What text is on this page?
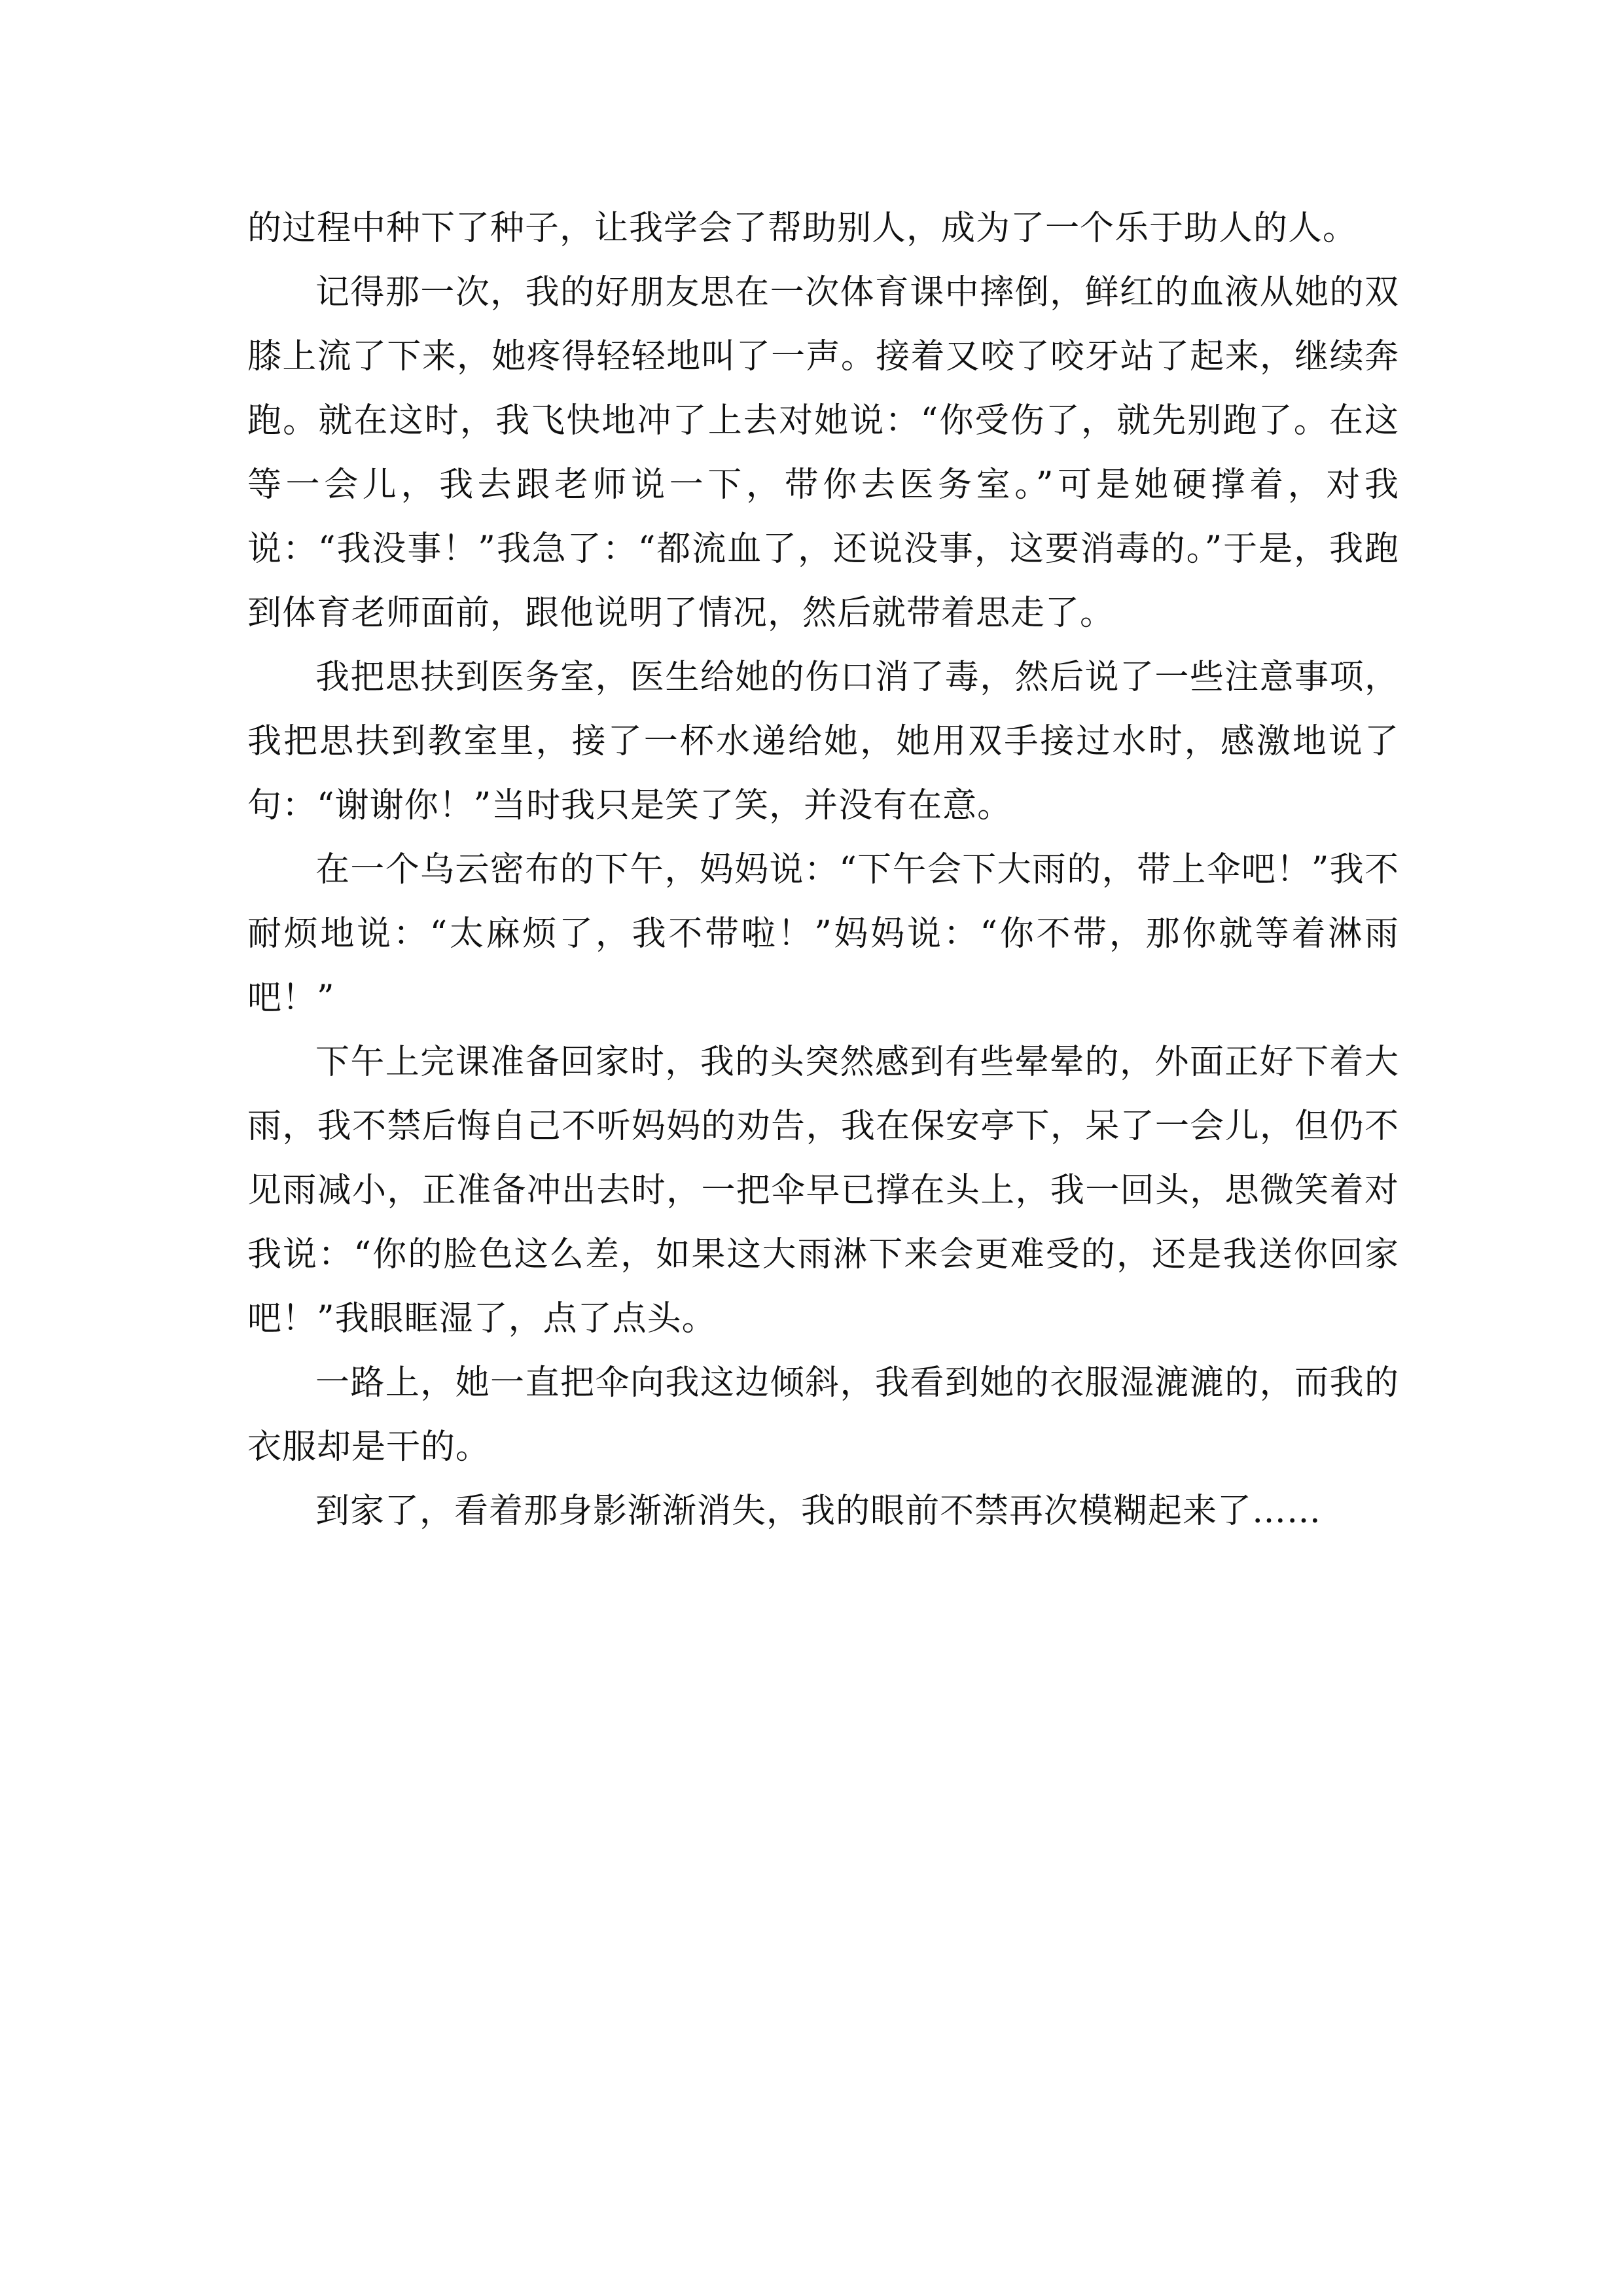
的过程中种下了种子，让我学会了帮助别人，成为了一个乐于助人的人。

记得那一次，我的好朋友思在一次体育课中摔倒，鲜红的血液从她的双膝上流了下来，她疼得轻轻地叫了一声。接着又咬了咬牙站了起来，继续奔跑。就在这时，我飞快地冲了上去对她说：“你受伤了，就先别跑了。在这等一会儿，我去跟老师说一下，带你去医务室。”可是她硬撑着，对我说：“我没事！”我急了：“都流血了，还说没事，这要消毒的。”于是，我跑到体育老师面前，跟他说明了情况，然后就带着思走了。

我把思扶到医务室，医生给她的伤口消了毒，然后说了一些注意事项，我把思扶到教室里，接了一杯水递给她，她用双手接过水时，感激地说了句：“谢谢你！”当时我只是笑了笑，并没有在意。

在一个乌云密布的下午，妈妈说：“下午会下大雨的，带上伞吧！”我不耐烦地说：“太麻烦了，我不带啦！”妈妈说：“你不带，那你就等着淋雨吧！”

下午上完课准备回家时，我的头突然感到有些晕晕的，外面正好下着大雨，我不禁后悔自己不听妈妈的劝告，我在保安亭下，呆了一会儿，但仍不见雨减小，正准备冲出去时，一把伞早已撑在头上，我一回头，思微笑着对我说：“你的脸色这么差，如果这大雨淋下来会更难受的，还是我送你回家吧！”我眼眶湿了，点了点头。

一路上，她一直把伞向我这边倾斜，我看到她的衣服湿漉漉的，而我的衣服却是干的。

到家了，看着那身影渐渐消失，我的眼前不禁再次模糊起来了……
